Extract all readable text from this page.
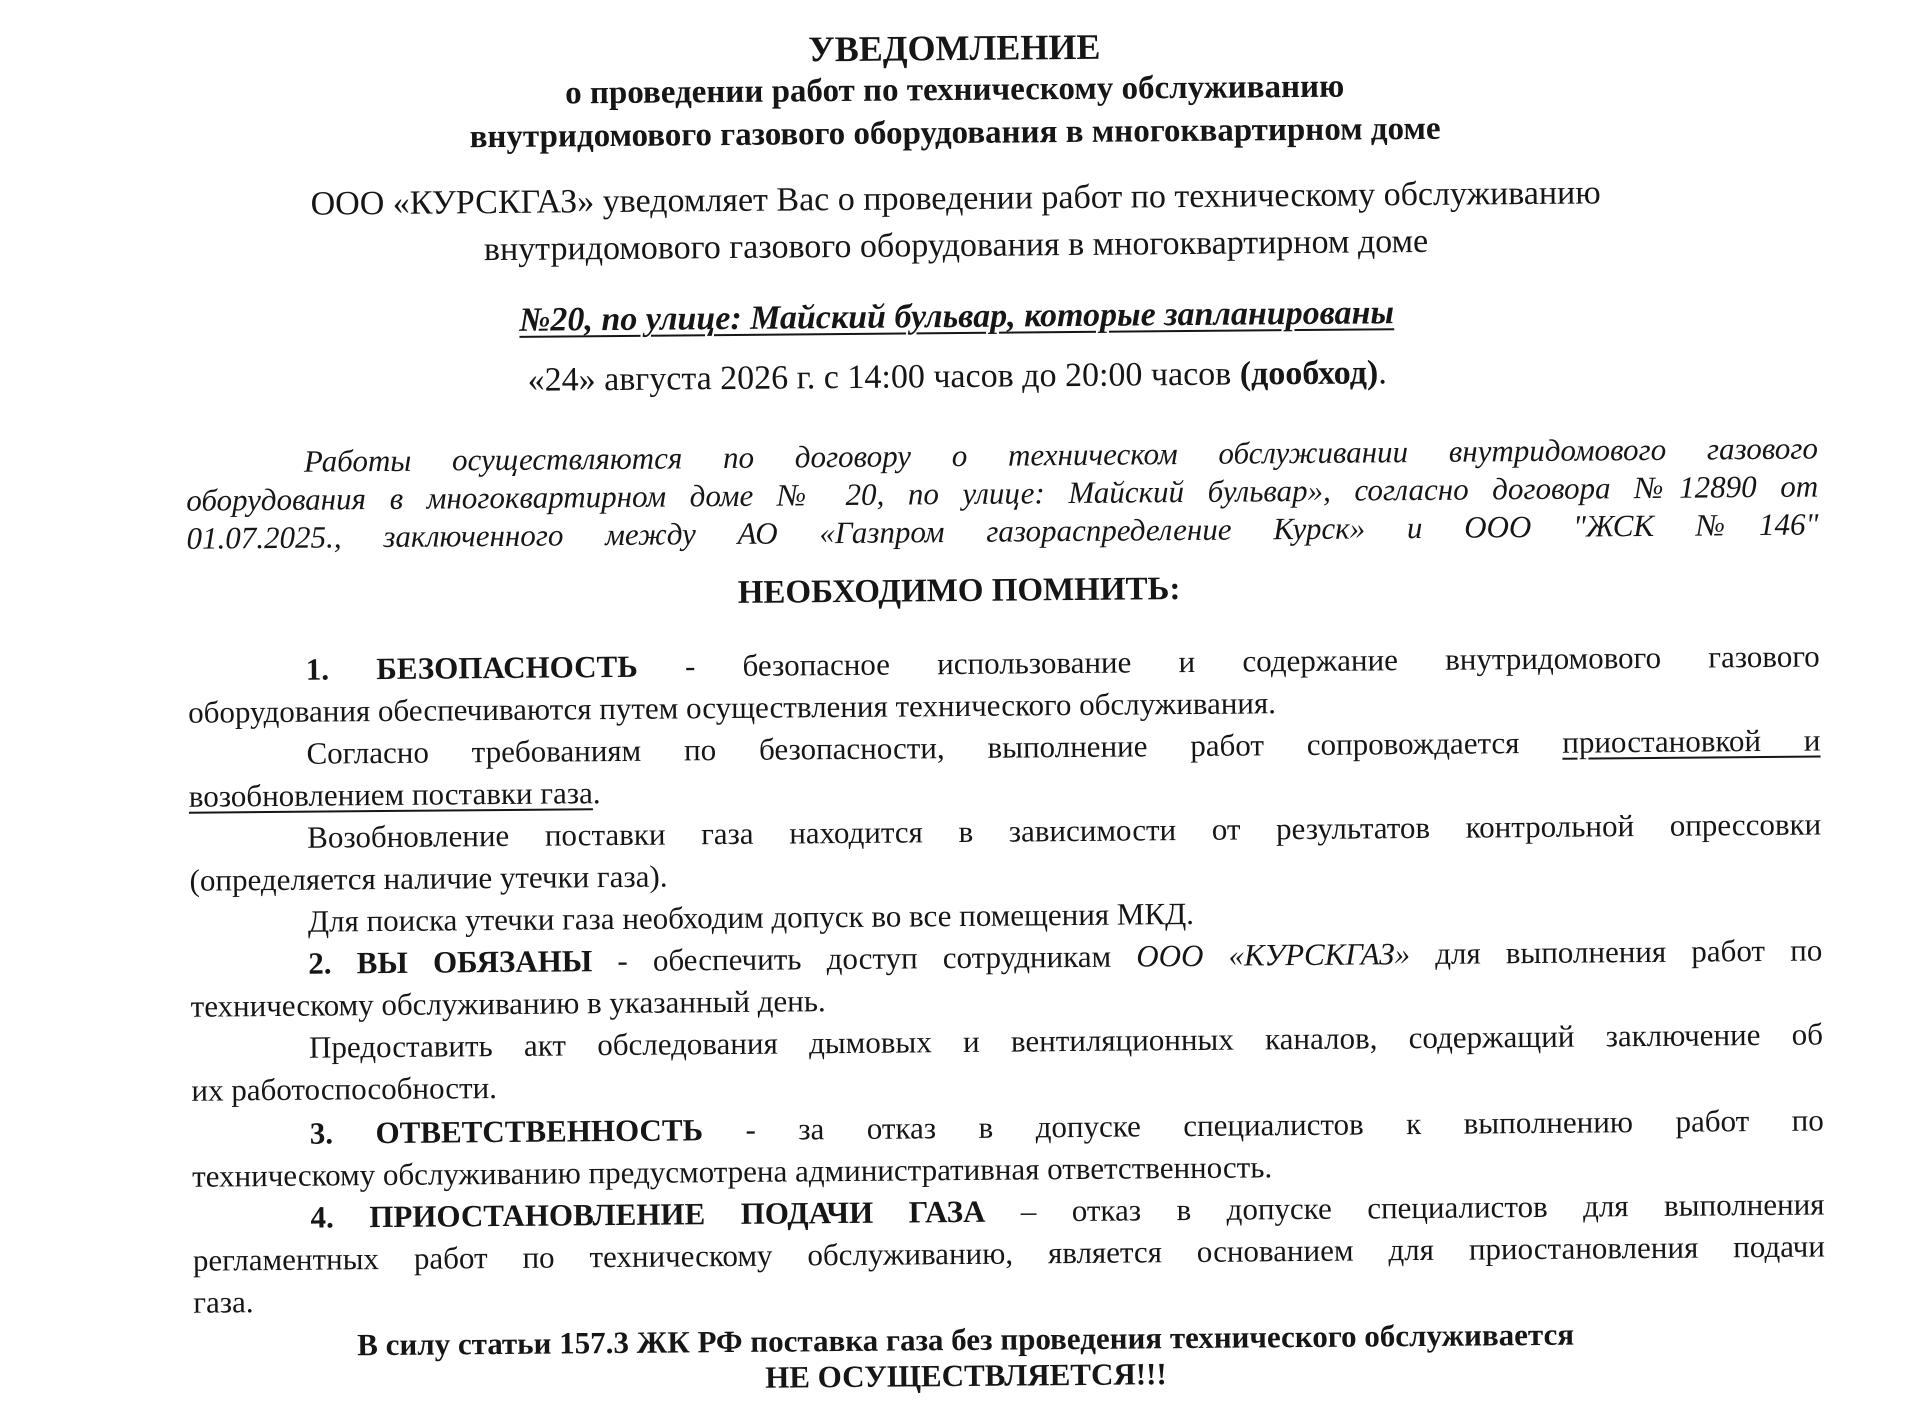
УВЕДОМЛЕНИЕ

о проведении работ по техническому обслуживанию

внутридомового газового оборудования в многоквартирном доме

ООО «КУРСКГАЗ» уведомляет Вас о проведении работ по техническому обслуживанию

внутридомового газового оборудования в многоквартирном доме

№20, по улице: Майский бульвар, которые запланированы

«24» августа 2026 г. с 14:00 часов до 20:00 часов (дообход).

Работы осуществляются по договору о техническом обслуживании внутридомового газового

оборудования в многоквартирном доме № 20, по улице: Майский бульвар», согласно договора №12890 от

01.07.2025., заключенного между АО «Газпром газораспределение Курск» и ООО "ЖСК №146"

НЕОБХОДИМО ПОМНИТЬ:

1. БЕЗОПАСНОСТЬ - безопасное использование и содержание внутридомового газового

оборудования обеспечиваются путем осуществления технического обслуживания.

Согласно требованиям по безопасности, выполнение работ сопровождается приостановкой и

возобновлением поставки газа.

Возобновление поставки газа находится в зависимости от результатов контрольной опрессовки

(определяется наличие утечки газа).

Для поиска утечки газа необходим допуск во все помещения МКД.

2. ВЫ ОБЯЗАНЫ - обеспечить доступ сотрудникам ООО «КУРСКГАЗ» для выполнения работ по

техническому обслуживанию в указанный день.

Предоставить акт обследования дымовых и вентиляционных каналов, содержащий заключение об

их работоспособности.

3. ОТВЕТСТВЕННОСТЬ - за отказ в допуске специалистов к выполнению работ по

техническому обслуживанию предусмотрена административная ответственность.

4. ПРИОСТАНОВЛЕНИЕ ПОДАЧИ ГАЗА – отказ в допуске специалистов для выполнения

регламентных работ по техническому обслуживанию, является основанием для приостановления подачи

газа.

В силу статьи 157.3 ЖК РФ поставка газа без проведения технического обслуживается

НЕ ОСУЩЕСТВЛЯЕТСЯ!!!
